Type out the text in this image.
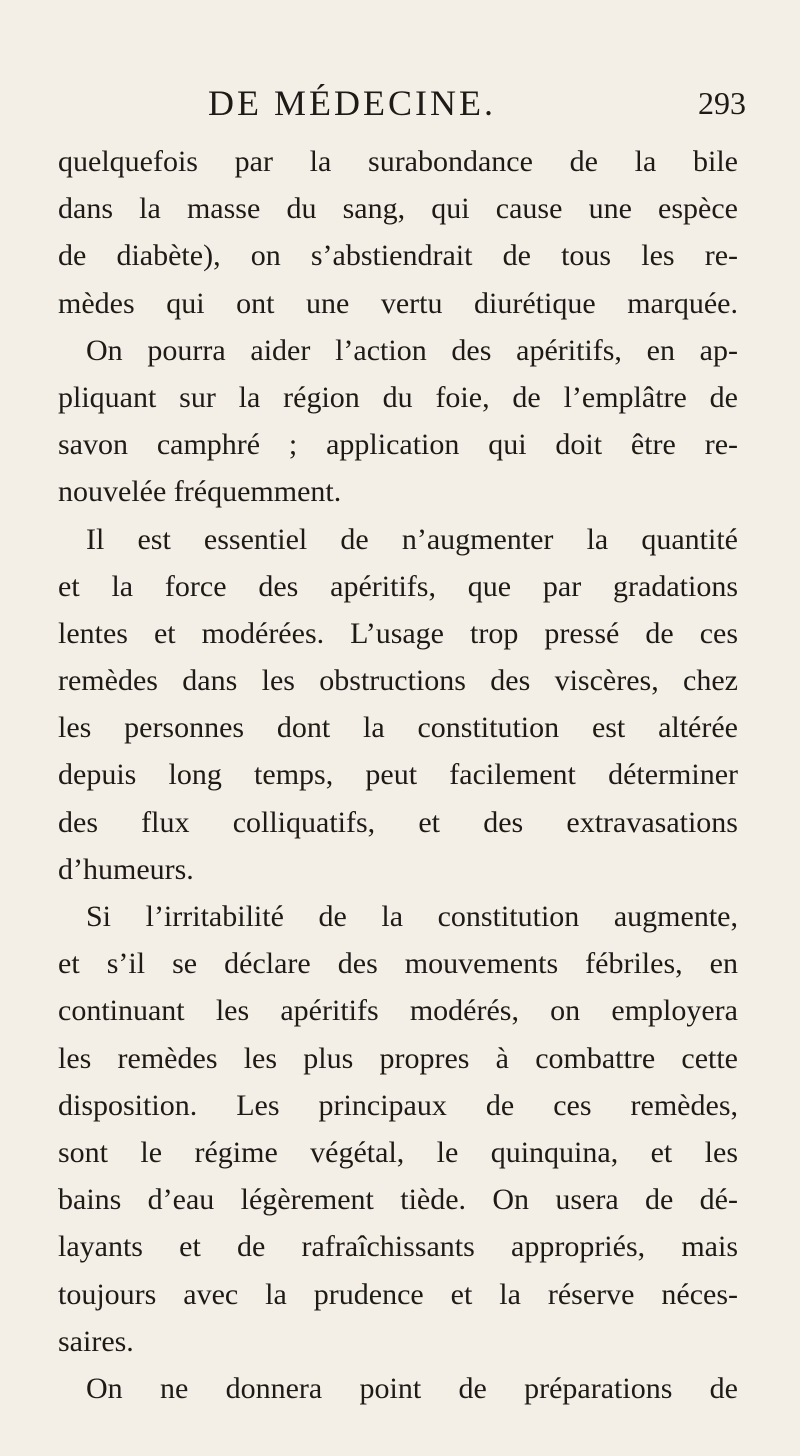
DE MÉDECINE.	293
quelquefois par la surabondance de la bile
dans la masse du sang, qui cause une espèce
de diabète), on s’abstiendrait de tous les re-
mèdes qui ont une vertu diurétique marquée.
On pourra aider l’action des apéritifs, en ap-
pliquant sur la région du foie, de l’emplâtre de
savon camphré ; application qui doit être re-
nouvelée fréquemment.
Il est essentiel de n’augmenter la quantité
et la force des apéritifs, que par gradations
lentes et modérées. L’usage trop pressé de ces
remèdes dans les obstructions des viscères, chez
les personnes dont la constitution est altérée
depuis long temps, peut facilement déterminer
des flux colliquatifs, et des extravasations
d’humeurs.
Si l’irritabilité de la constitution augmente,
et s’il se déclare des mouvements fébriles, en
continuant les apéritifs modérés, on employera
les remèdes les plus propres à combattre cette
disposition. Les principaux de ces remèdes,
sont le régime végétal, le quinquina, et les
bains d’eau légèrement tiède. On usera de dé-
layants et de rafraîchissants appropriés, mais
toujours avec la prudence et la réserve néces-
saires.
On ne donnera point de préparations de
